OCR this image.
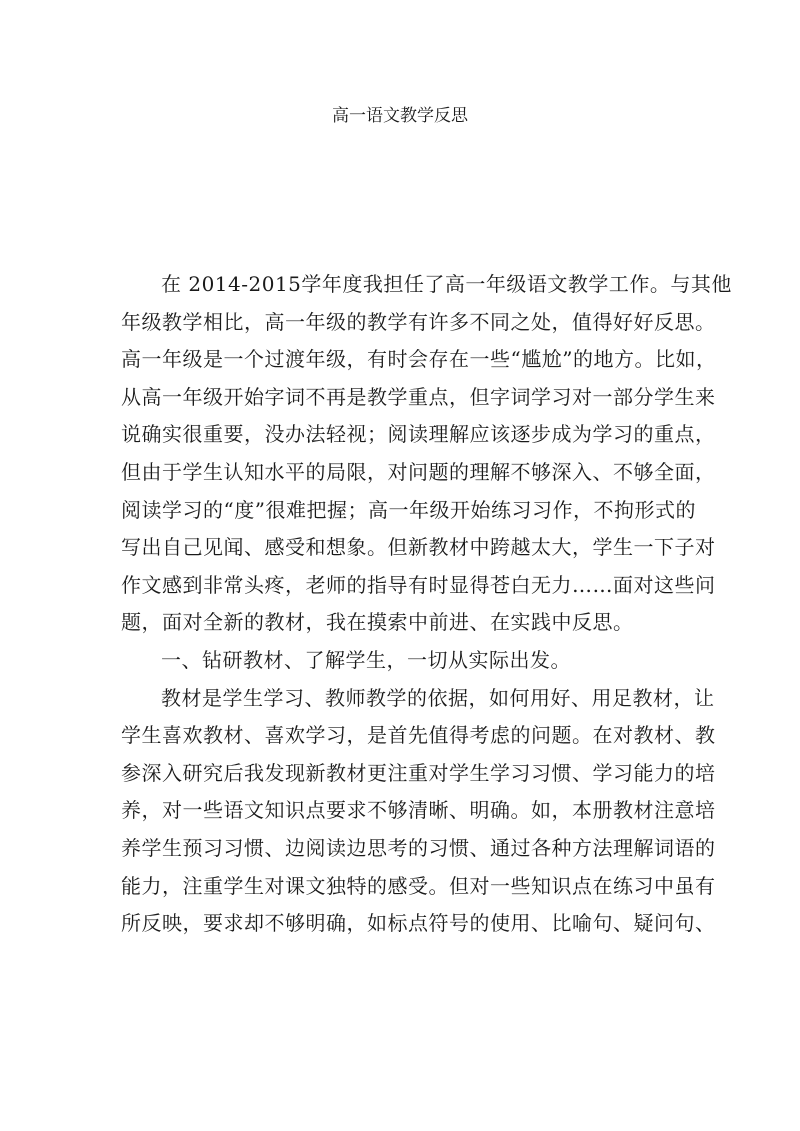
高一语文教学反思
在 2014-2015学年度我担任了高一年级语文教学工作。与其他
年级教学相比，高一年级的教学有许多不同之处，值得好好反思。
高一年级是一个过渡年级，有时会存在一些“尴尬”的地方。比如，
从高一年级开始字词不再是教学重点，但字词学习对一部分学生来
说确实很重要，没办法轻视；阅读理解应该逐步成为学习的重点，
但由于学生认知水平的局限，对问题的理解不够深入、不够全面，
阅读学习的“度”很难把握；高一年级开始练习习作，不拘形式的
写出自己见闻、感受和想象。但新教材中跨越太大，学生一下子对
作文感到非常头疼，老师的指导有时显得苍白无力……面对这些问
题，面对全新的教材，我在摸索中前进、在实践中反思。
一、钻研教材、了解学生，一切从实际出发。
教材是学生学习、教师教学的依据，如何用好、用足教材，让
学生喜欢教材、喜欢学习，是首先值得考虑的问题。在对教材、教
参深入研究后我发现新教材更注重对学生学习习惯、学习能力的培
养，对一些语文知识点要求不够清晰、明确。如，本册教材注意培
养学生预习习惯、边阅读边思考的习惯、通过各种方法理解词语的
能力，注重学生对课文独特的感受。但对一些知识点在练习中虽有
所反映，要求却不够明确，如标点符号的使用、比喻句、疑问句、
